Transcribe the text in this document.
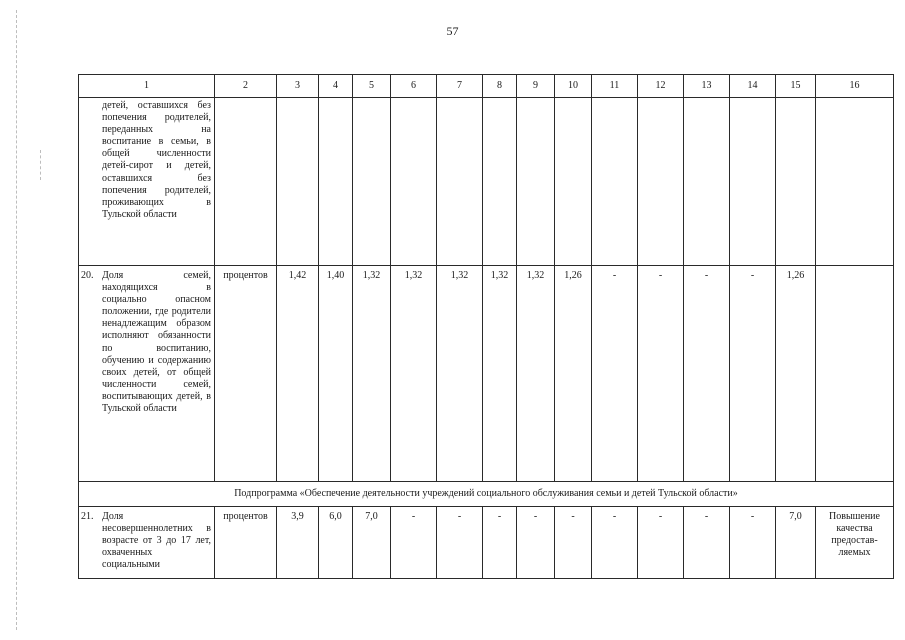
57
1	2	3	4	5	6	7	8	9	10	11	12	13	14	15	16
детей, оставшихся без попечения родителей, переданных на воспитание в семьи, в общей численности детей-сирот и детей, оставшихся без попечения родителей, проживающих в Тульской области															
20. Доля семей, находящихся в социально опасном положении, где родители ненадлежащим образом исполняют обязанности по воспитанию, обучению и содержанию своих детей, от общей численности семей, воспитывающих детей, в Тульской области	процентов	1,42	1,40	1,32	1,32	1,32	1,32	1,32	1,26	-	-	-	-	1,26	
Подпрограмма «Обеспечение деятельности учреждений социального обслуживания семьи и детей Тульской области»															
21. Доля несовершеннолетних в возрасте от 3 до 17 лет, охваченных социальными	процентов	3,9	6,0	7,0	-	-	-	-	-	-	-	-	-	7,0	Повышение качества предостав-ляемых
